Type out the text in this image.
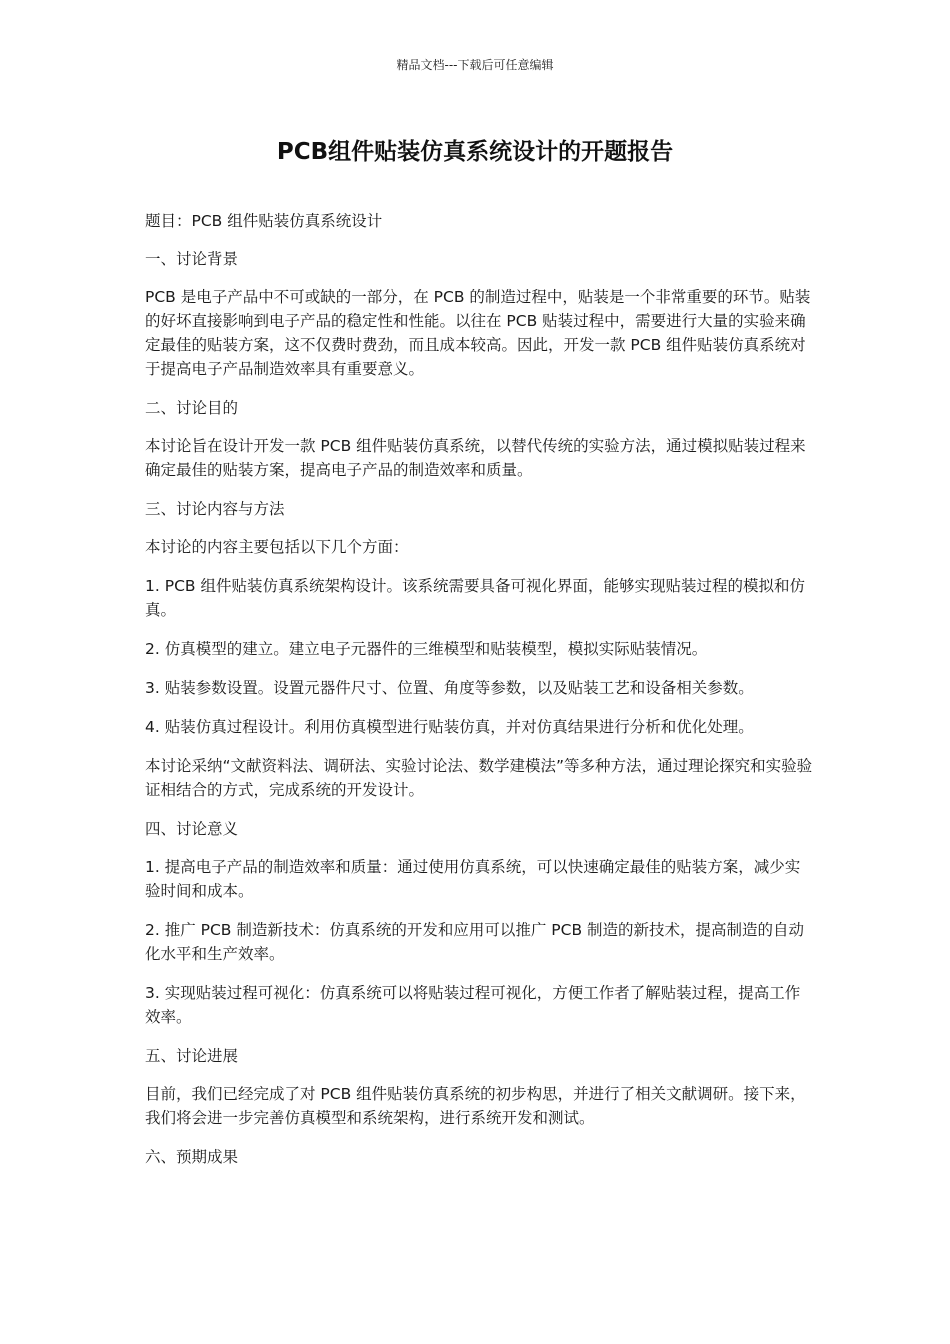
精品文档---下载后可任意编辑
PCB组件贴装仿真系统设计的开题报告

题目：PCB 组件贴装仿真系统设计

一、讨论背景

PCB 是电子产品中不可或缺的一部分，在 PCB 的制造过程中，贴装是一个非常重要的环节。贴装的好坏直接影响到电子产品的稳定性和性能。以往在 PCB 贴装过程中，需要进行大量的实验来确定最佳的贴装方案，这不仅费时费劲，而且成本较高。因此，开发一款 PCB 组件贴装仿真系统对于提高电子产品制造效率具有重要意义。

二、讨论目的

本讨论旨在设计开发一款 PCB 组件贴装仿真系统，以替代传统的实验方法，通过模拟贴装过程来确定最佳的贴装方案，提高电子产品的制造效率和质量。

三、讨论内容与方法

本讨论的内容主要包括以下几个方面：

1. PCB 组件贴装仿真系统架构设计。该系统需要具备可视化界面，能够实现贴装过程的模拟和仿真。

2. 仿真模型的建立。建立电子元器件的三维模型和贴装模型，模拟实际贴装情况。

3. 贴装参数设置。设置元器件尺寸、位置、角度等参数，以及贴装工艺和设备相关参数。

4. 贴装仿真过程设计。利用仿真模型进行贴装仿真，并对仿真结果进行分析和优化处理。

本讨论采纳“文献资料法、调研法、实验讨论法、数学建模法”等多种方法，通过理论探究和实验验证相结合的方式，完成系统的开发设计。

四、讨论意义

1. 提高电子产品的制造效率和质量：通过使用仿真系统，可以快速确定最佳的贴装方案，减少实验时间和成本。

2. 推广 PCB 制造新技术：仿真系统的开发和应用可以推广 PCB 制造的新技术，提高制造的自动化水平和生产效率。

3. 实现贴装过程可视化：仿真系统可以将贴装过程可视化，方便工作者了解贴装过程，提高工作效率。

五、讨论进展

目前，我们已经完成了对 PCB 组件贴装仿真系统的初步构思，并进行了相关文献调研。接下来，我们将会进一步完善仿真模型和系统架构，进行系统开发和测试。

六、预期成果
